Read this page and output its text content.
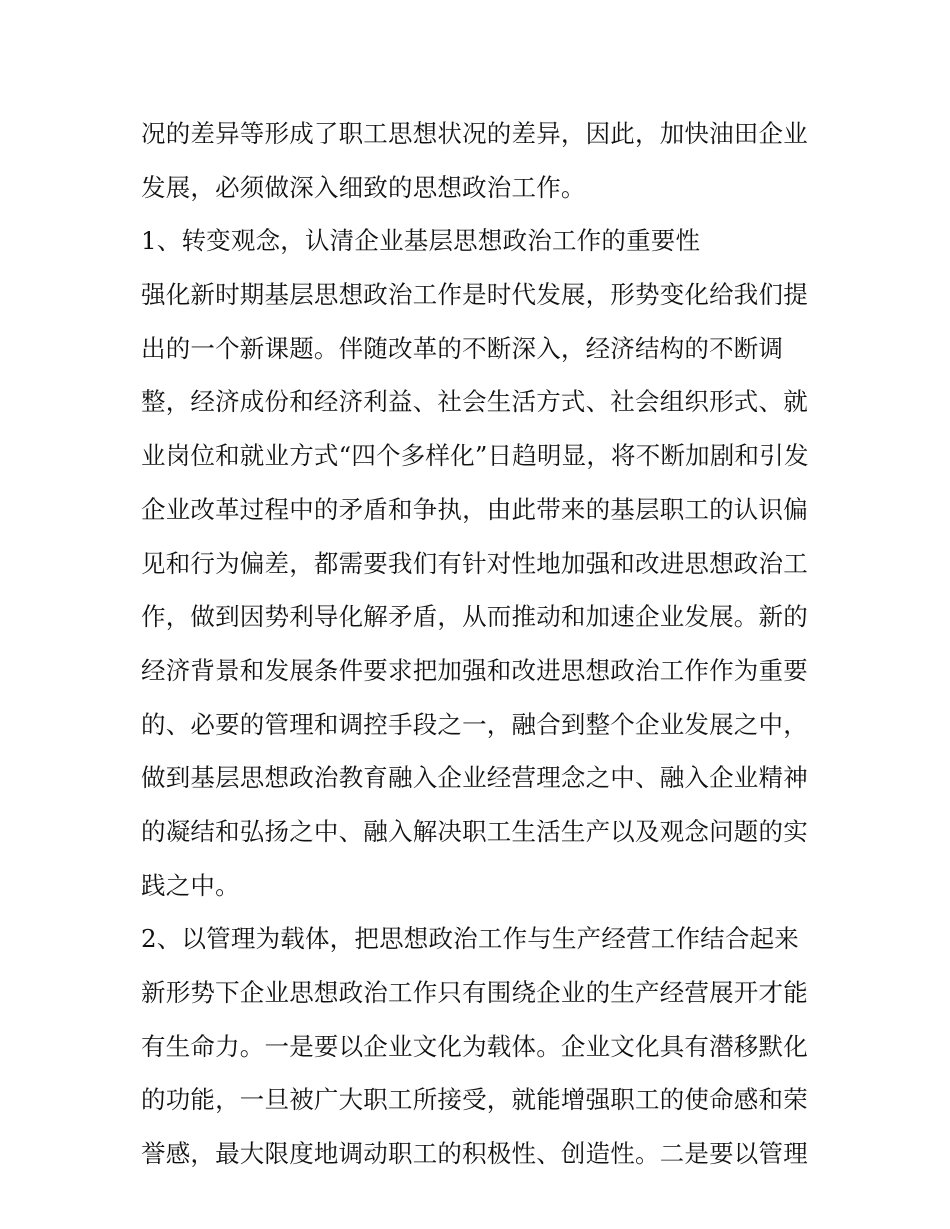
况的差异等形成了职工思想状况的差异，因此，加快油田企业
发展，必须做深入细致的思想政治工作。
1、转变观念，认清企业基层思想政治工作的重要性
强化新时期基层思想政治工作是时代发展，形势变化给我们提
出的一个新课题。伴随改革的不断深入，经济结构的不断调
整，经济成份和经济利益、社会生活方式、社会组织形式、就
业岗位和就业方式“四个多样化”日趋明显，将不断加剧和引发
企业改革过程中的矛盾和争执，由此带来的基层职工的认识偏
见和行为偏差，都需要我们有针对性地加强和改进思想政治工
作，做到因势利导化解矛盾，从而推动和加速企业发展。新的
经济背景和发展条件要求把加强和改进思想政治工作作为重要
的、必要的管理和调控手段之一，融合到整个企业发展之中，
做到基层思想政治教育融入企业经营理念之中、融入企业精神
的凝结和弘扬之中、融入解决职工生活生产以及观念问题的实
践之中。
2、以管理为载体，把思想政治工作与生产经营工作结合起来
新形势下企业思想政治工作只有围绕企业的生产经营展开才能
有生命力。一是要以企业文化为载体。企业文化具有潜移默化
的功能，一旦被广大职工所接受，就能增强职工的使命感和荣
誉感，最大限度地调动职工的积极性、创造性。二是要以管理
